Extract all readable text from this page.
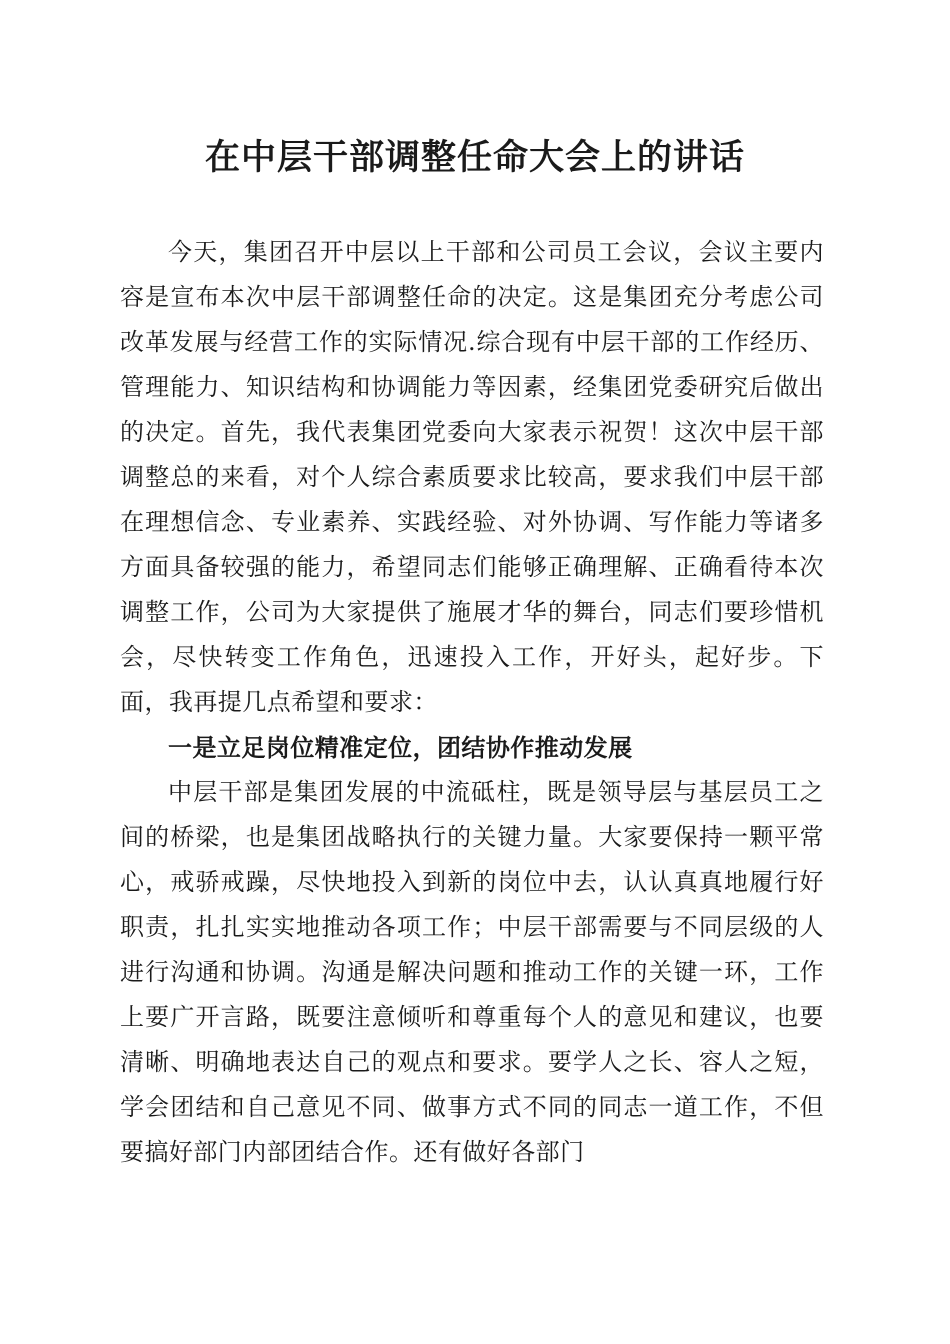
在中层干部调整任命大会上的讲话

今天，集团召开中层以上干部和公司员工会议，会议主要内容是宣布本次中层干部调整任命的决定。这是集团充分考虑公司改革发展与经营工作的实际情况.综合现有中层干部的工作经历、管理能力、知识结构和协调能力等因素，经集团党委研究后做出的决定。首先，我代表集团党委向大家表示祝贺！这次中层干部调整总的来看，对个人综合素质要求比较高，要求我们中层干部在理想信念、专业素养、实践经验、对外协调、写作能力等诸多方面具备较强的能力，希望同志们能够正确理解、正确看待本次调整工作，公司为大家提供了施展才华的舞台，同志们要珍惜机会，尽快转变工作角色，迅速投入工作，开好头，起好步。下面，我再提几点希望和要求：

一是立足岗位精准定位，团结协作推动发展

中层干部是集团发展的中流砥柱，既是领导层与基层员工之间的桥梁，也是集团战略执行的关键力量。大家要保持一颗平常心，戒骄戒躁，尽快地投入到新的岗位中去，认认真真地履行好职责，扎扎实实地推动各项工作；中层干部需要与不同层级的人进行沟通和协调。沟通是解决问题和推动工作的关键一环，工作上要广开言路，既要注意倾听和尊重每个人的意见和建议，也要清晰、明确地表达自己的观点和要求。要学人之长、容人之短，学会团结和自己意见不同、做事方式不同的同志一道工作，不但要搞好部门内部团结合作。还有做好各部门
